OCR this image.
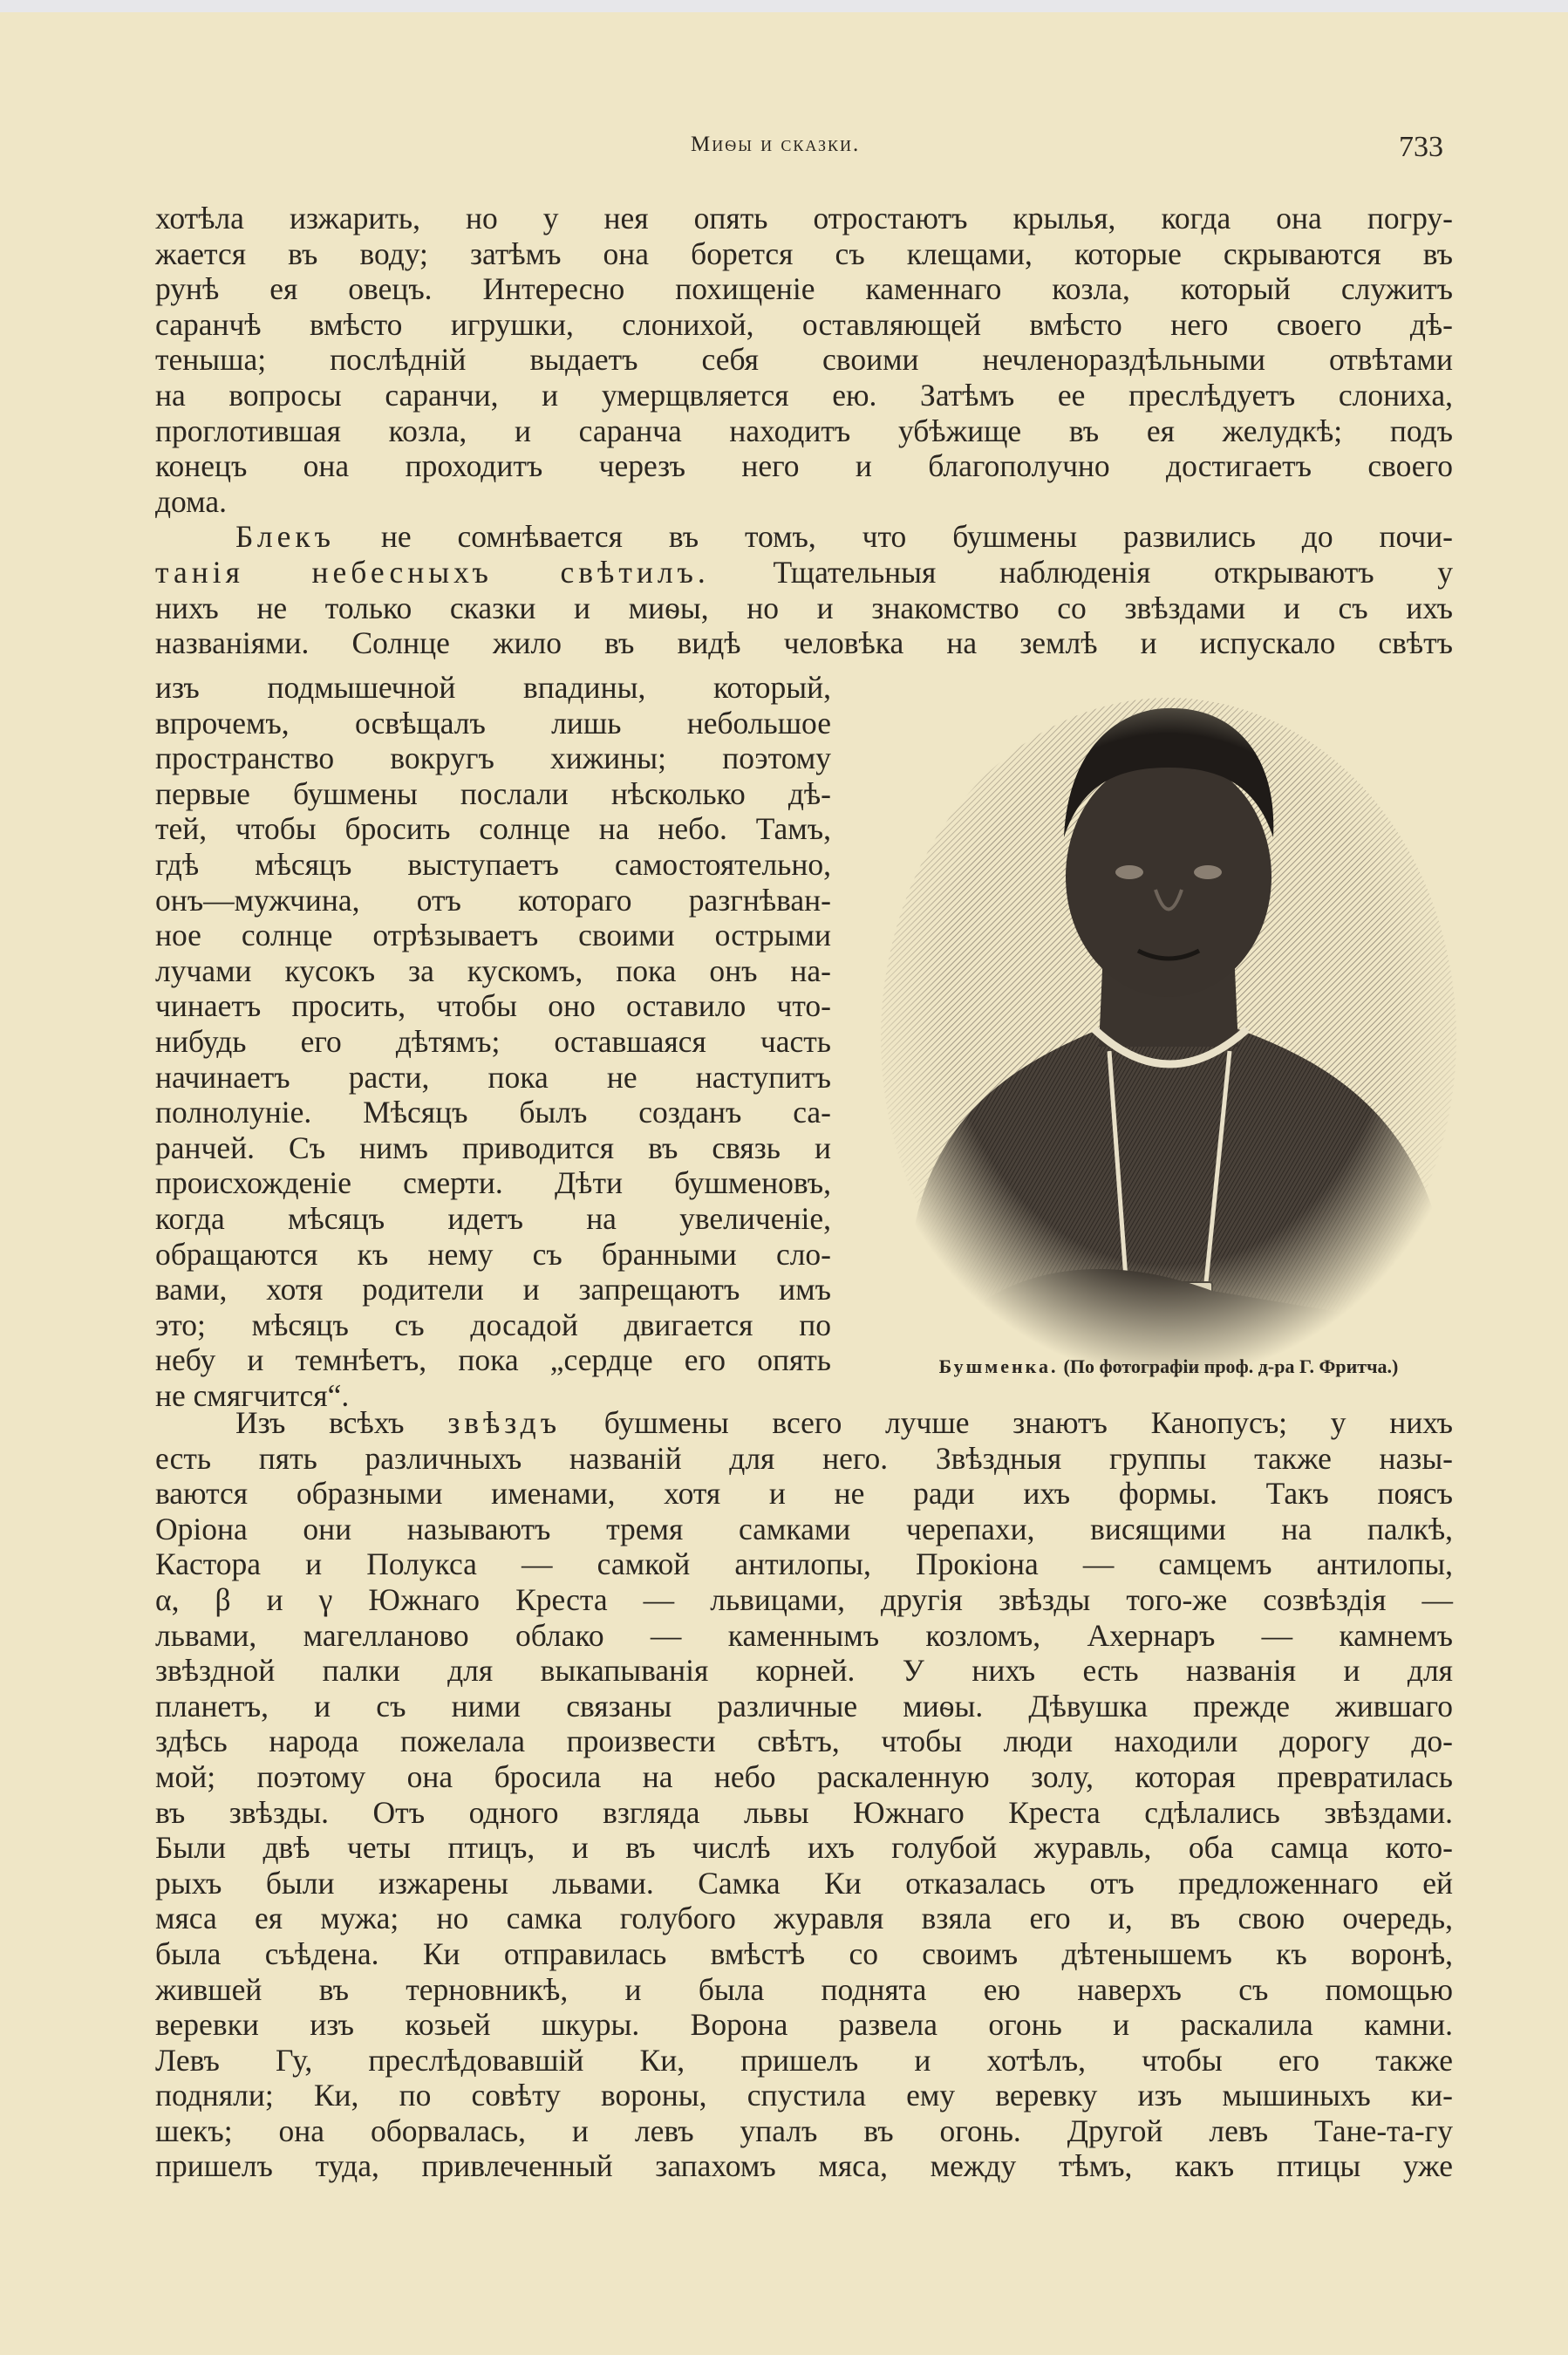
Миѳы и сказки.	733
хотѣла изжарить, но у нея опять отростаютъ крылья, когда она погру-
жается въ воду; затѣмъ она борется съ клещами, которые скрываются въ
рунѣ ея овецъ. Интересно похищеніе каменнаго козла, который служитъ
саранчѣ вмѣсто игрушки, слонихой, оставляющей вмѣсто него своего дѣ-
теныша; послѣдній выдаетъ себя своими нечленораздѣльными отвѣтами
на вопросы саранчи, и умерщвляется ею. Затѣмъ ее преслѣдуетъ слониха,
проглотившая козла, и саранча находитъ убѣжище въ ея желудкѣ; подъ
конецъ она проходитъ черезъ него и благополучно достигаетъ своего
дома.
Блекъ не сомнѣвается въ томъ, что бушмены развились до почи-
танія небесныхъ свѣтилъ. Тщательныя наблюденія открываютъ у
нихъ не только сказки и миѳы, но и знакомство со звѣздами и съ ихъ
названіями. Солнце жило въ видѣ человѣка на землѣ и испускало свѣтъ
изъ подмышечной впадины, который,
впрочемъ, освѣщалъ лишь небольшое
пространство вокругъ хижины; поэтому
первые бушмены послали нѣсколько дѣ-
тей, чтобы бросить солнце на небо. Тамъ,
гдѣ мѣсяцъ выступаетъ самостоятельно,
онъ—мужчина, отъ котораго разгнѣван-
ное солнце отрѣзываетъ своими острыми
лучами кусокъ за кускомъ, пока онъ на-
чинаетъ просить, чтобы оно оставило что-
нибудь его дѣтямъ; оставшаяся часть
начинаетъ расти, пока не наступитъ
полнолуніе. Мѣсяцъ былъ созданъ са-
ранчей. Съ нимъ приводится въ связь и
происхожденіе смерти. Дѣти бушменовъ,
когда мѣсяцъ идетъ на увеличеніе,
обращаются къ нему съ бранными сло-
вами, хотя родители и запрещаютъ имъ
это; мѣсяцъ съ досадой двигается по
небу и темнѣетъ, пока „сердце его опять
не смягчится“.
Бушменка. (По фотографіи проф. д-ра Г. Фритча.)
Изъ всѣхъ звѣздъ бушмены всего лучше знаютъ Канопусъ; у нихъ
есть пять различныхъ названій для него. Звѣздныя группы также назы-
ваются образными именами, хотя и не ради ихъ формы. Такъ поясъ
Оріона они называютъ тремя самками черепахи, висящими на палкѣ,
Кастора и Полукса — самкой антилопы, Прокіона — самцемъ антилопы,
α, β и γ Южнаго Креста — львицами, другія звѣзды того-же созвѣздія —
львами, магелланово облако — каменнымъ козломъ, Ахернаръ — камнемъ
звѣздной палки для выкапыванія корней. У нихъ есть названія и для
планетъ, и съ ними связаны различные миѳы. Дѣвушка прежде жившаго
здѣсь народа пожелала произвести свѣтъ, чтобы люди находили дорогу до-
мой; поэтому она бросила на небо раскаленную золу, которая превратилась
въ звѣзды. Отъ одного взгляда львы Южнаго Креста сдѣлались звѣздами.
Были двѣ четы птицъ, и въ числѣ ихъ голубой журавль, оба самца кото-
рыхъ были изжарены львами. Самка Ки отказалась отъ предложеннаго ей
мяса ея мужа; но самка голубого журавля взяла его и, въ свою очередь,
была съѣдена. Ки отправилась вмѣстѣ со своимъ дѣтенышемъ къ воронѣ,
жившей въ терновникѣ, и была поднята ею наверхъ съ помощью
веревки изъ козьей шкуры. Ворона развела огонь и раскалила камни.
Левъ Гу, преслѣдовавшій Ки, пришелъ и хотѣлъ, чтобы его также
подняли; Ки, по совѣту вороны, спустила ему веревку изъ мышиныхъ ки-
шекъ; она оборвалась, и левъ упалъ въ огонь. Другой левъ Тане-та-гу
пришелъ туда, привлеченный запахомъ мяса, между тѣмъ, какъ птицы уже
